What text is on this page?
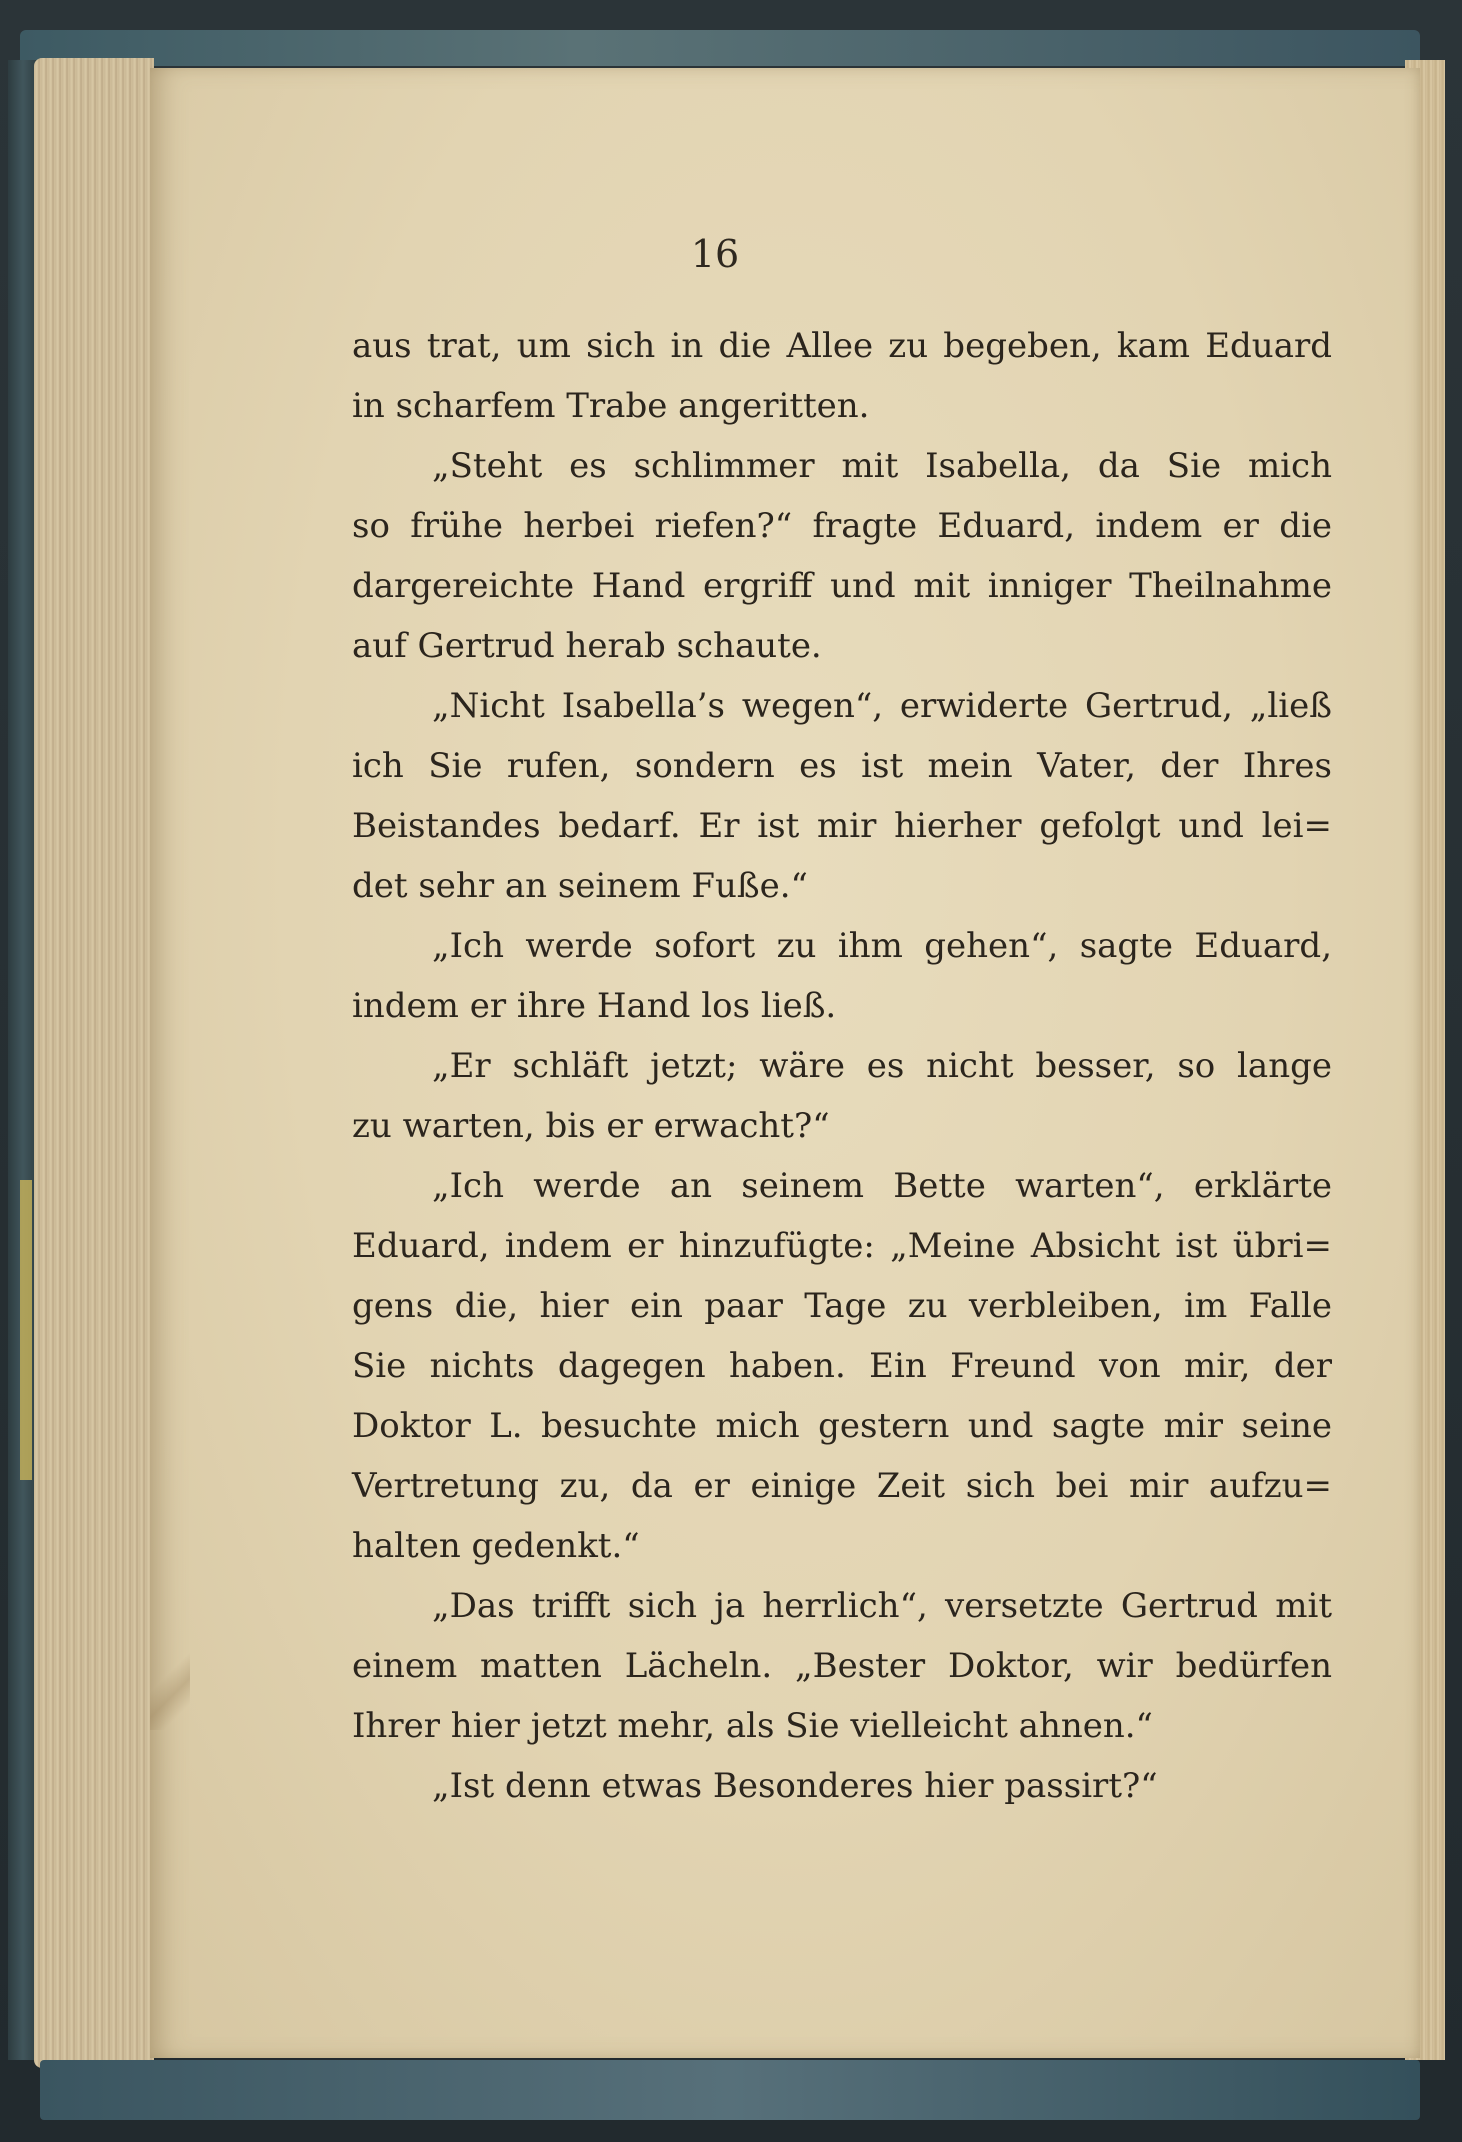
16

aus trat, um sich in die Allee zu begeben, kam Eduard
in scharfem Trabe angeritten.
„Steht es schlimmer mit Isabella, da Sie mich
so frühe herbei riefen?“ fragte Eduard, indem er die
dargereichte Hand ergriff und mit inniger Theilnahme
auf Gertrud herab schaute.
„Nicht Isabella’s wegen“, erwiderte Gertrud, „ließ
ich Sie rufen, sondern es ist mein Vater, der Ihres
Beistandes bedarf. Er ist mir hierher gefolgt und lei=
det sehr an seinem Fuße.“
„Ich werde sofort zu ihm gehen“, sagte Eduard,
indem er ihre Hand los ließ.
„Er schläft jetzt; wäre es nicht besser, so lange
zu warten, bis er erwacht?“
„Ich werde an seinem Bette warten“, erklärte
Eduard, indem er hinzufügte: „Meine Absicht ist übri=
gens die, hier ein paar Tage zu verbleiben, im Falle
Sie nichts dagegen haben. Ein Freund von mir, der
Doktor L. besuchte mich gestern und sagte mir seine
Vertretung zu, da er einige Zeit sich bei mir aufzu=
halten gedenkt.“
„Das trifft sich ja herrlich“, versetzte Gertrud mit
einem matten Lächeln. „Bester Doktor, wir bedürfen
Ihrer hier jetzt mehr, als Sie vielleicht ahnen.“
„Ist denn etwas Besonderes hier passirt?“
